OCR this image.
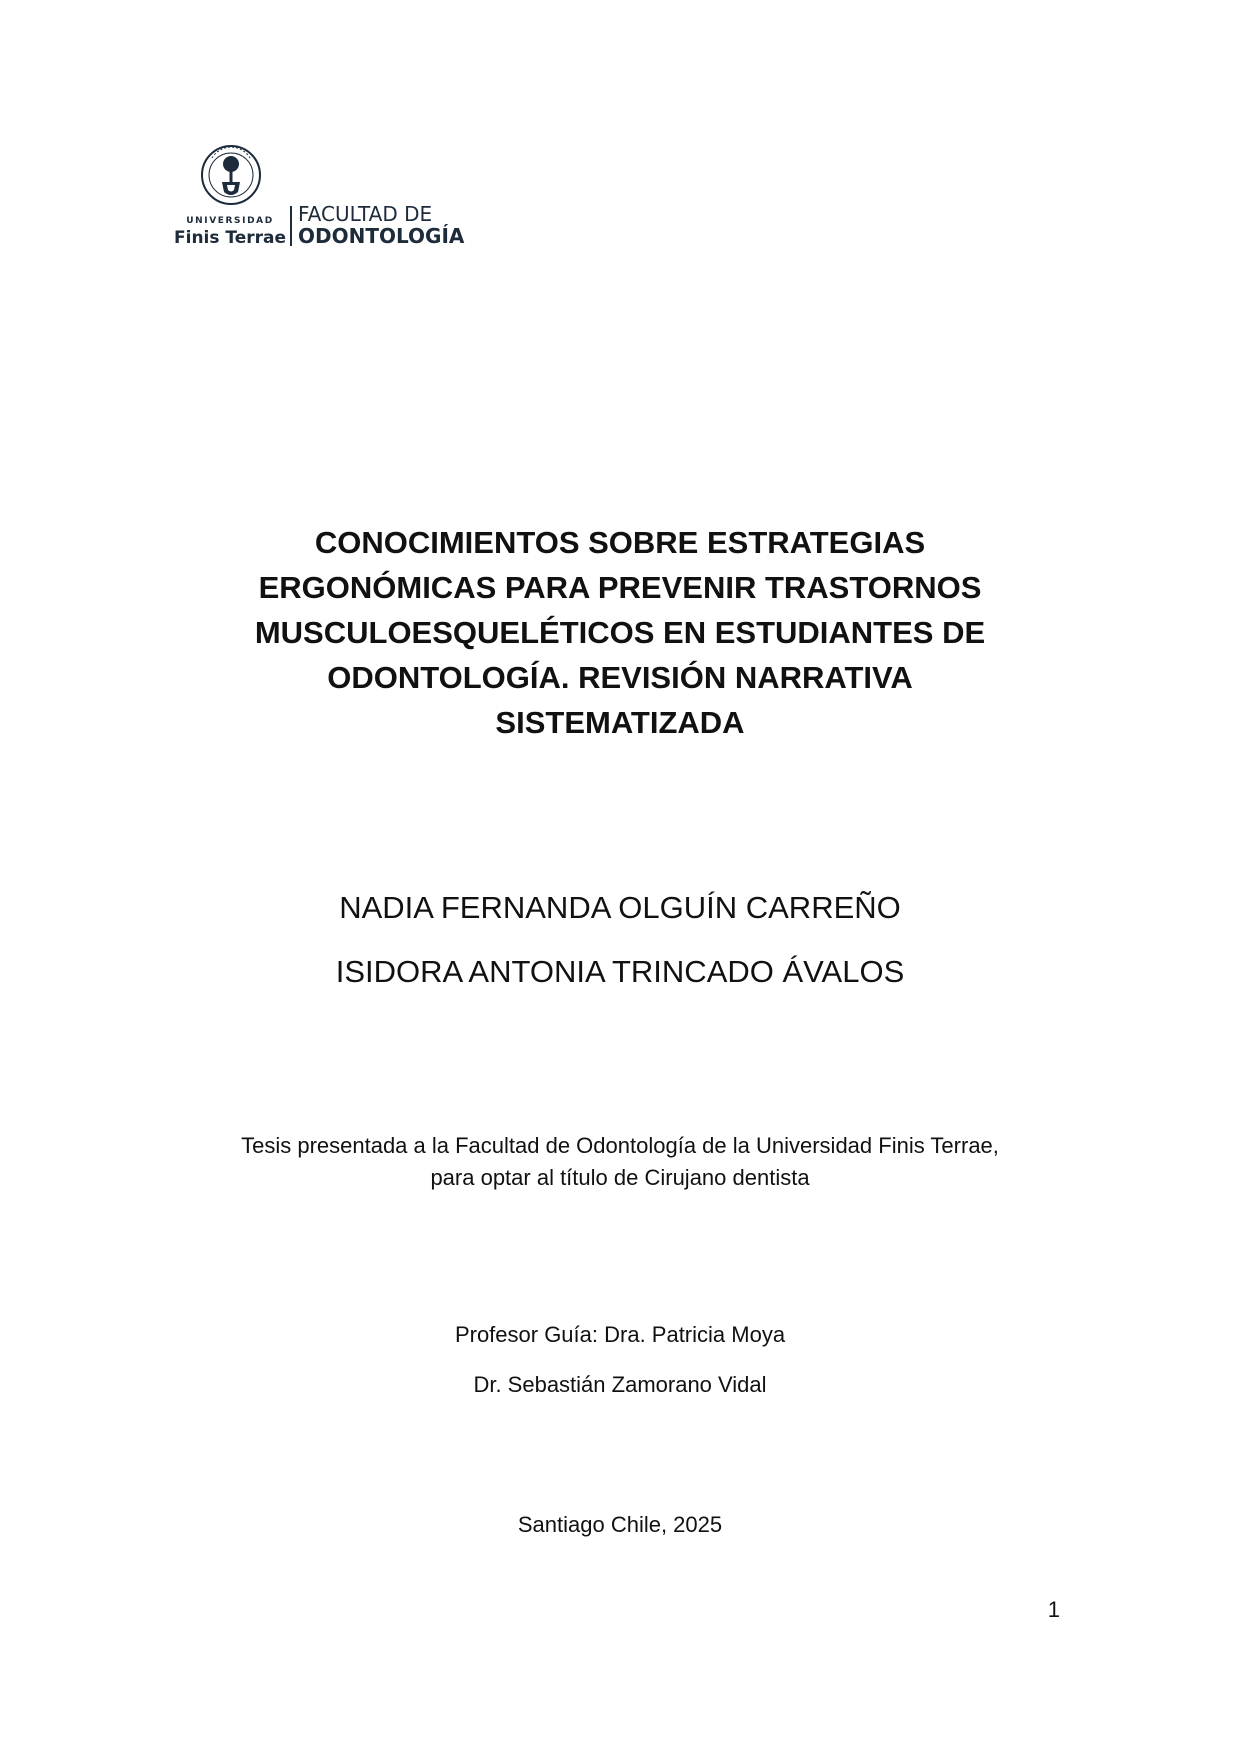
UNIVERSIDAD
Finis Terrae
FACULTAD DE
ODONTOLOGÍA
CONOCIMIENTOS SOBRE ESTRATEGIAS
ERGONÓMICAS PARA PREVENIR TRASTORNOS
MUSCULOESQUELÉTICOS EN ESTUDIANTES DE
ODONTOLOGÍA. REVISIÓN NARRATIVA
SISTEMATIZADA
NADIA FERNANDA OLGUÍN CARREÑO
ISIDORA ANTONIA TRINCADO ÁVALOS
Tesis presentada a la Facultad de Odontología de la Universidad Finis Terrae,
para optar al título de Cirujano dentista
Profesor Guía: Dra. Patricia Moya
Dr. Sebastián Zamorano Vidal
Santiago Chile, 2025
1
